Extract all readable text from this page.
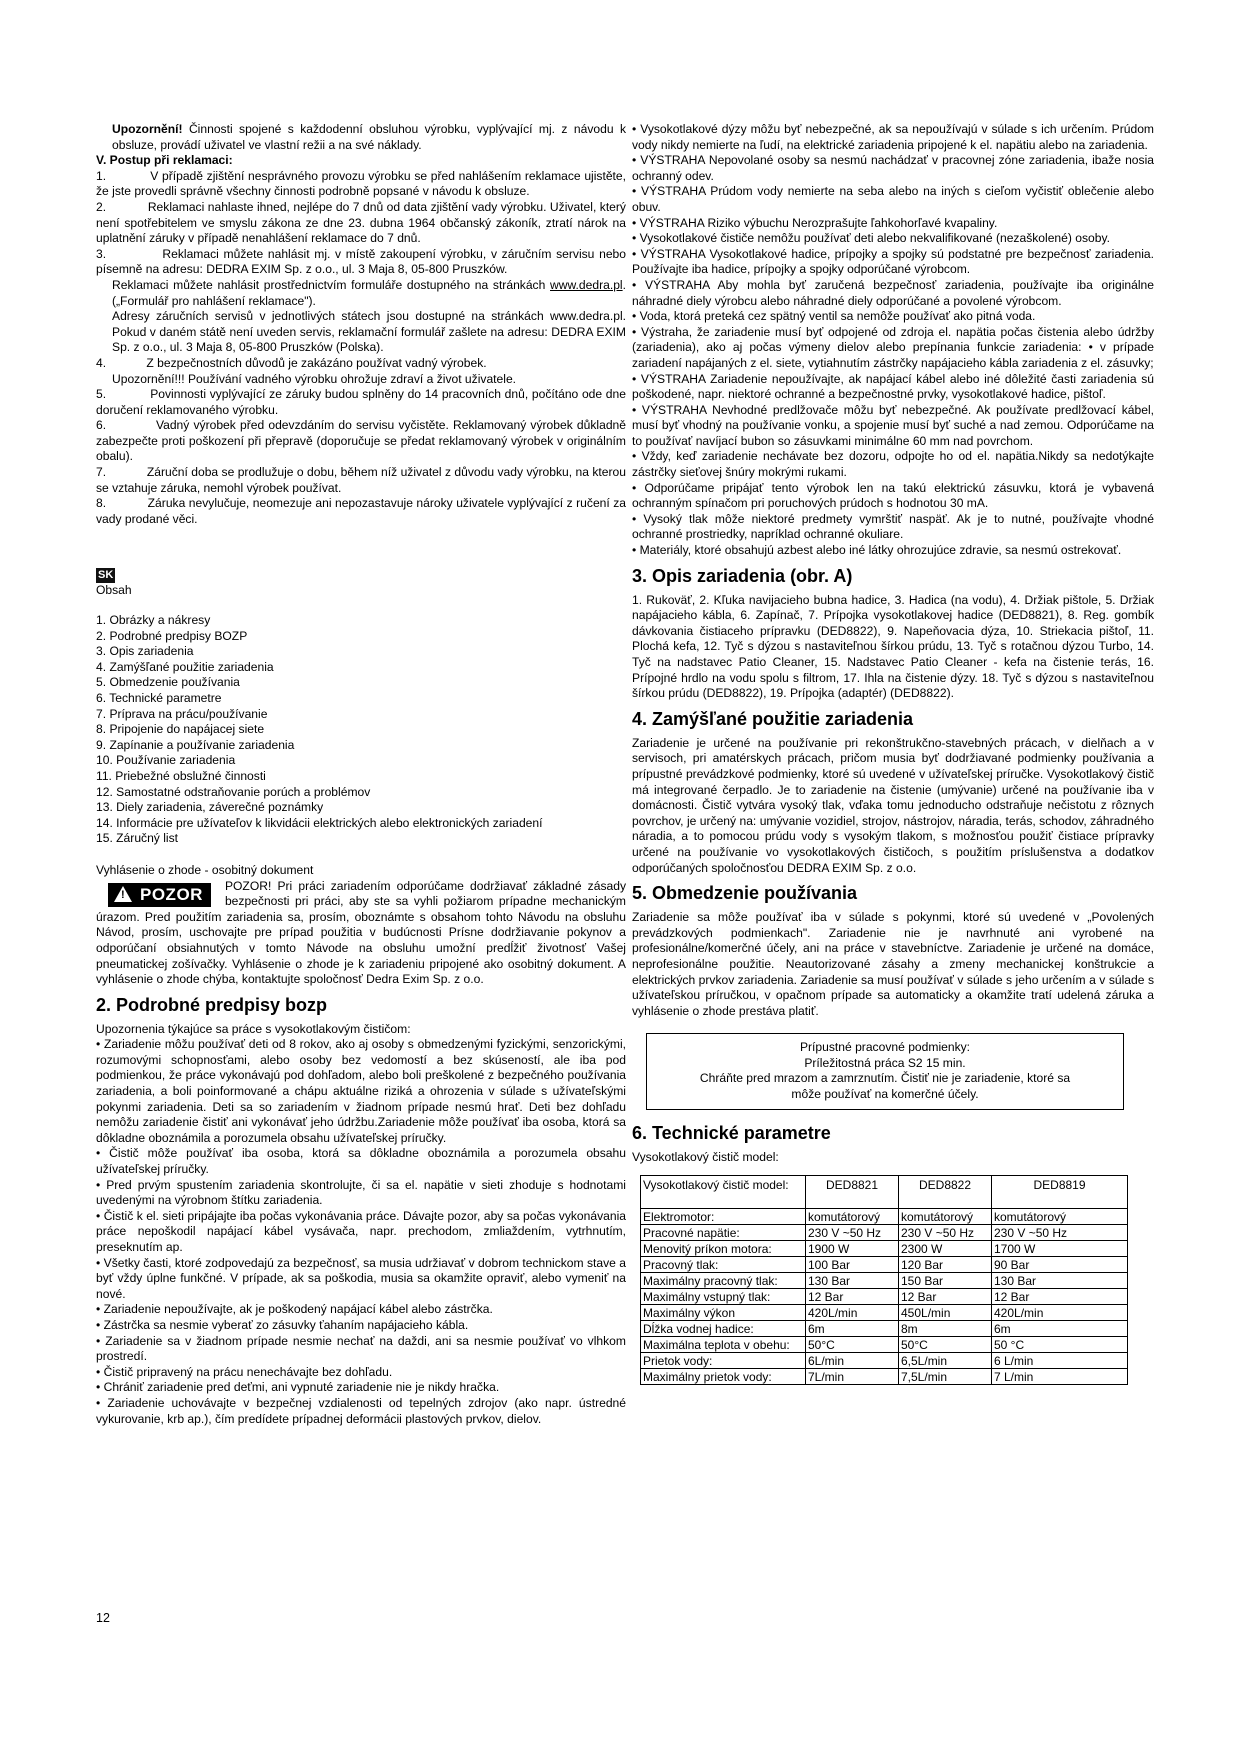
Upozornění! Činnosti spojené s každodenní obsluhou výrobku, vyplývající mj. z návodu k obsluze, provádí uživatel ve vlastní režii a na své náklady.

V. Postup při reklamaci:

1.	V případě zjištění nesprávného provozu výrobku se před nahlášením reklamace ujistěte, že jste provedli správně všechny činnosti podrobně popsané v návodu k obsluze.

2.	Reklamaci nahlaste ihned, nejlépe do 7 dnů od data zjištění vady výrobku. Uživatel, který není spotřebitelem ve smyslu zákona ze dne 23. dubna 1964 občanský zákoník, ztratí nárok na uplatnění záruky v případě nenahlášení reklamace do 7 dnů.

3.	Reklamaci můžete nahlásit mj. v místě zakoupení výrobku, v záručním servisu nebo písemně na adresu: DEDRA EXIM Sp. z o.o., ul. 3 Maja 8, 05-800 Pruszków.

Reklamaci můžete nahlásit prostřednictvím formuláře dostupného na stránkách www.dedra.pl. („Formulář pro nahlášení reklamace").

Adresy záručních servisů v jednotlivých státech jsou dostupné na stránkách www.dedra.pl. Pokud v daném státě není uveden servis, reklamační formulář zašlete na adresu: DEDRA EXIM Sp. z o.o., ul. 3 Maja 8, 05-800 Pruszków (Polska).

4.	Z bezpečnostních důvodů je zakázáno používat vadný výrobek.

Upozornění!!! Používání vadného výrobku ohrožuje zdraví a život uživatele.

5.	Povinnosti vyplývající ze záruky budou splněny do 14 pracovních dnů, počítáno ode dne doručení reklamovaného výrobku.

6.	Vadný výrobek před odevzdáním do servisu vyčistěte. Reklamovaný výrobek důkladně zabezpečte proti poškození při přepravě (doporučuje se předat reklamovaný výrobek v originálním obalu).

7.	Záruční doba se prodlužuje o dobu, během níž uživatel z důvodu vady výrobku, na kterou se vztahuje záruka, nemohl výrobek používat.

8.	Záruka nevylučuje, neomezuje ani nepozastavuje nároky uživatele vyplývající z ručení za vady prodané věci.

SK

Obsah

1. Obrázky a nákresy

2. Podrobné predpisy BOZP

3. Opis zariadenia

4. Zamýšľané použitie zariadenia

5. Obmedzenie používania

6. Technické parametre

7. Príprava na prácu/používanie

8. Pripojenie do napájacej siete

9. Zapínanie a používanie zariadenia

10. Používanie zariadenia

11. Priebežné obslužné činnosti

12. Samostatné odstraňovanie porúch a problémov

13. Diely zariadenia, záverečné poznámky

14. Informácie pre užívateľov k likvidácii elektrických alebo elektronických zariadení

15. Záručný list

Vyhlásenie o zhode - osobitný dokument

! POZOR	POZOR! Pri práci zariadením odporúčame dodržiavať základné zásady bezpečnosti pri práci, aby ste sa vyhli požiarom prípadne mechanickým úrazom. Pred použitím zariadenia sa, prosím, oboznámte s obsahom tohto Návodu na obsluhu Návod, prosím, uschovajte pre prípad použitia v budúcnosti Prísne dodržiavanie pokynov a odporúčaní obsiahnutých v tomto Návode na obsluhu umožní predĺžiť životnosť Vašej pneumatickej zošívačky. Vyhlásenie o zhode je k zariadeniu pripojené ako osobitný dokument. A vyhlásenie o zhode chýba, kontaktujte spoločnosť Dedra Exim Sp. z o.o.

2. Podrobné predpisy bozp

Upozornenia týkajúce sa práce s vysokotlakovým čističom:

• Zariadenie môžu používať deti od 8 rokov, ako aj osoby s obmedzenými fyzickými, senzorickými, rozumovými schopnosťami, alebo osoby bez vedomostí a bez skúseností, ale iba pod podmienkou, že práce vykonávajú pod dohľadom, alebo boli preškolené z bezpečného používania zariadenia, a boli poinformované a chápu aktuálne riziká a ohrozenia v súlade s užívateľskými pokynmi zariadenia. Deti sa so zariadením v žiadnom prípade nesmú hrať. Deti bez dohľadu nemôžu zariadenie čistiť ani vykonávať jeho údržbu.Zariadenie môže používať iba osoba, ktorá sa dôkladne oboznámila a porozumela obsahu užívateľskej príručky.

• Čistič môže používať iba osoba, ktorá sa dôkladne oboznámila a porozumela obsahu užívateľskej príručky.

• Pred prvým spustením zariadenia skontrolujte, či sa el. napätie v sieti zhoduje s hodnotami uvedenými na výrobnom štítku zariadenia.

• Čistič k el. sieti pripájajte iba počas vykonávania práce. Dávajte pozor, aby sa počas vykonávania práce nepoškodil napájací kábel vysávača, napr. prechodom, zmliaždením, vytrhnutím, preseknutím ap.

• Všetky časti, ktoré zodpovedajú za bezpečnosť, sa musia udržiavať v dobrom technickom stave a byť vždy úplne funkčné. V prípade, ak sa poškodia, musia sa okamžite opraviť, alebo vymeniť na nové.

• Zariadenie nepoužívajte, ak je poškodený napájací kábel alebo zástrčka.

• Zástrčka sa nesmie vyberať zo zásuvky ťahaním napájacieho kábla.

• Zariadenie sa v žiadnom prípade nesmie nechať na daždi, ani sa nesmie používať vo vlhkom prostredí.

• Čistič pripravený na prácu nenechávajte bez dohľadu.

• Chrániť zariadenie pred deťmi, ani vypnuté zariadenie nie je nikdy hračka.

• Zariadenie uchovávajte v bezpečnej vzdialenosti od tepelných zdrojov (ako napr. ústredné vykurovanie, krb ap.), čím predídete prípadnej deformácii plastových prvkov, dielov.

• Vysokotlakové dýzy môžu byť nebezpečné, ak sa nepoužívajú v súlade s ich určením. Prúdom vody nikdy nemierte na ľudí, na elektrické zariadenia pripojené k el. napätiu alebo na zariadenia.

• VÝSTRAHA Nepovolané osoby sa nesmú nachádzať v pracovnej zóne zariadenia, ibaže nosia ochranný odev.

• VÝSTRAHA Prúdom vody nemierte na seba alebo na iných s cieľom vyčistiť oblečenie alebo obuv.

• VÝSTRAHA Riziko výbuchu Nerozprašujte ľahkohorľavé kvapaliny.

• Vysokotlakové čističe nemôžu používať deti alebo nekvalifikované (nezaškolené) osoby.

• VÝSTRAHA Vysokotlakové hadice, prípojky a spojky sú podstatné pre bezpečnosť zariadenia. Používajte iba hadice, prípojky a spojky odporúčané výrobcom.

• VÝSTRAHA Aby mohla byť zaručená bezpečnosť zariadenia, používajte iba originálne náhradné diely výrobcu alebo náhradné diely odporúčané a povolené výrobcom.

• Voda, ktorá preteká cez spätný ventil sa nemôže používať ako pitná voda.

• Výstraha, že zariadenie musí byť odpojené od zdroja el. napätia počas čistenia alebo údržby (zariadenia), ako aj počas výmeny dielov alebo prepínania funkcie zariadenia: • v prípade zariadení napájaných z el. siete, vytiahnutím zástrčky napájacieho kábla zariadenia z el. zásuvky;

• VÝSTRAHA Zariadenie nepoužívajte, ak napájací kábel alebo iné dôležité časti zariadenia sú poškodené, napr. niektoré ochranné a bezpečnostné prvky, vysokotlakové hadice, pištoľ.

• VÝSTRAHA Nevhodné predlžovače môžu byť nebezpečné. Ak používate predlžovací kábel, musí byť vhodný na používanie vonku, a spojenie musí byť suché a nad zemou. Odporúčame na to používať navíjací bubon so zásuvkami minimálne 60 mm nad povrchom.

• Vždy, keď zariadenie nechávate bez dozoru, odpojte ho od el. napätia.Nikdy sa nedotýkajte zástrčky sieťovej šnúry mokrými rukami.

• Odporúčame pripájať tento výrobok len na takú elektrickú zásuvku, ktorá je vybavená ochranným spínačom pri poruchových prúdoch s hodnotou 30 mA.

• Vysoký tlak môže niektoré predmety vymrštiť naspäť. Ak je to nutné, používajte vhodné ochranné prostriedky, napríklad ochranné okuliare.

• Materiály, ktoré obsahujú azbest alebo iné látky ohrozujúce zdravie, sa nesmú ostrekovať.

3. Opis zariadenia (obr. A)

1. Rukoväť, 2. Kľuka navijacieho bubna hadice, 3. Hadica (na vodu), 4. Držiak pištole, 5. Držiak napájacieho kábla, 6. Zapínač, 7. Prípojka vysokotlakovej hadice (DED8821), 8. Reg. gombík dávkovania čistiaceho prípravku (DED8822), 9. Napeňovacia dýza, 10. Striekacia pištoľ, 11. Plochá kefa, 12. Tyč s dýzou s nastaviteľnou šírkou prúdu, 13. Tyč s rotačnou dýzou Turbo, 14. Tyč na nadstavec Patio Cleaner, 15. Nadstavec Patio Cleaner - kefa na čistenie terás, 16. Prípojné hrdlo na vodu spolu s filtrom, 17. Ihla na čistenie dýzy. 18. Tyč s dýzou s nastaviteľnou šírkou prúdu (DED8822), 19. Prípojka (adaptér) (DED8822).

4. Zamýšľané použitie zariadenia

Zariadenie je určené na používanie pri rekonštrukčno-stavebných prácach, v dielňach a v servisoch, pri amatérskych prácach, pričom musia byť dodržiavané podmienky používania a prípustné prevádzkové podmienky, ktoré sú uvedené v užívateľskej príručke. Vysokotlakový čistič má integrované čerpadlo. Je to zariadenie na čistenie (umývanie) určené na používanie iba v domácnosti. Čistič vytvára vysoký tlak, vďaka tomu jednoducho odstraňuje nečistotu z rôznych povrchov, je určený na: umývanie vozidiel, strojov, nástrojov, náradia, terás, schodov, záhradného náradia, a to pomocou prúdu vody s vysokým tlakom, s možnosťou použiť čistiace prípravky určené na používanie vo vysokotlakových čističoch, s použitím príslušenstva a dodatkov odporúčaných spoločnosťou DEDRA EXIM Sp. z o.o.

5. Obmedzenie používania

Zariadenie sa môže používať iba v súlade s pokynmi, ktoré sú uvedené v „Povolených prevádzkových podmienkach". Zariadenie nie je navrhnuté ani vyrobené na profesionálne/komerčné účely, ani na práce v stavebníctve. Zariadenie je určené na domáce, neprofesionálne použitie. Neautorizované zásahy a zmeny mechanickej konštrukcie a elektrických prvkov zariadenia. Zariadenie sa musí používať v súlade s jeho určením a v súlade s užívateľskou príručkou, v opačnom prípade sa automaticky a okamžite tratí udelená záruka a vyhlásenie o zhode prestáva platiť.

Prípustné pracovné podmienky:
Príležitostná práca S2 15 min.
Chráňte pred mrazom a zamrznutím. Čistiť nie je zariadenie, ktoré sa
môže používať na komerčné účely.
6. Technické parametre

Vysokotlakový čistič model:

Vysokotlakový čistič model:	DED8821	DED8822	DED8819
Elektromotor:	komutátorový	komutátorový	komutátorový
Pracovné napätie:	230 V ~50 Hz	230 V ~50 Hz	230 V ~50 Hz
Menovitý príkon motora:	1900 W	2300 W	1700 W
Pracovný tlak:	100 Bar	120 Bar	90 Bar
Maximálny pracovný tlak:	130 Bar	150 Bar	130 Bar
Maximálny vstupný tlak:	12 Bar	12 Bar	12 Bar
Maximálny výkon	420L/min	450L/min	420L/min
Dĺžka vodnej hadice:	6m	8m	6m
Maximálna teplota v obehu:	50°C	50°C	50 °C
Prietok vody:	6L/min	6,5L/min	6 L/min
Maximálny prietok vody:	7L/min	7,5L/min	7 L/min
12
